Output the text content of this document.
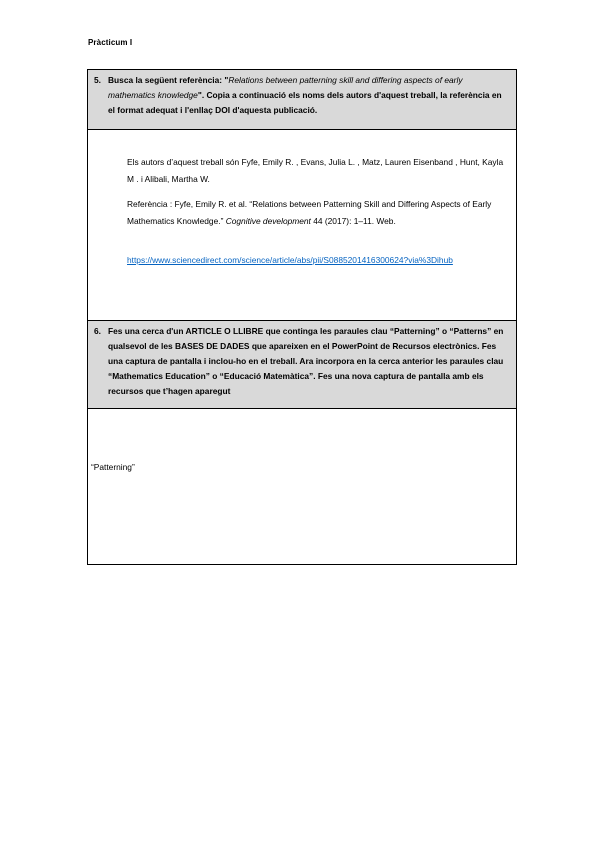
Pràcticum I
5. Busca la següent referència: "Relations between patterning skill and differing aspects of early mathematics knowledge". Copia a continuació els noms dels autors d'aquest treball, la referència en el format adequat i l'enllaç DOI d'aquesta publicació.
Els autors d’aquest treball són Fyfe, Emily R. , Evans, Julia L. , Matz, Lauren Eisenband , Hunt, Kayla M . i Alibali, Martha W.
Referència : Fyfe, Emily R. et al. “Relations between Patterning Skill and Differing Aspects of Early Mathematics Knowledge.” Cognitive development 44 (2017): 1–11. Web.
https://www.sciencedirect.com/science/article/abs/pii/S0885201416300624?via%3Dihub
6. Fes una cerca d'un ARTICLE O LLIBRE que continga les paraules clau “Patterning” o “Patterns” en qualsevol de les BASES DE DADES que apareixen en el PowerPoint de Recursos electrònics. Fes una captura de pantalla i inclou-ho en el treball. Ara incorpora en la cerca anterior les paraules clau “Mathematics Education” o “Educació Matemàtica”. Fes una nova captura de pantalla amb els recursos que t’hagen aparegut
“Patterning”
